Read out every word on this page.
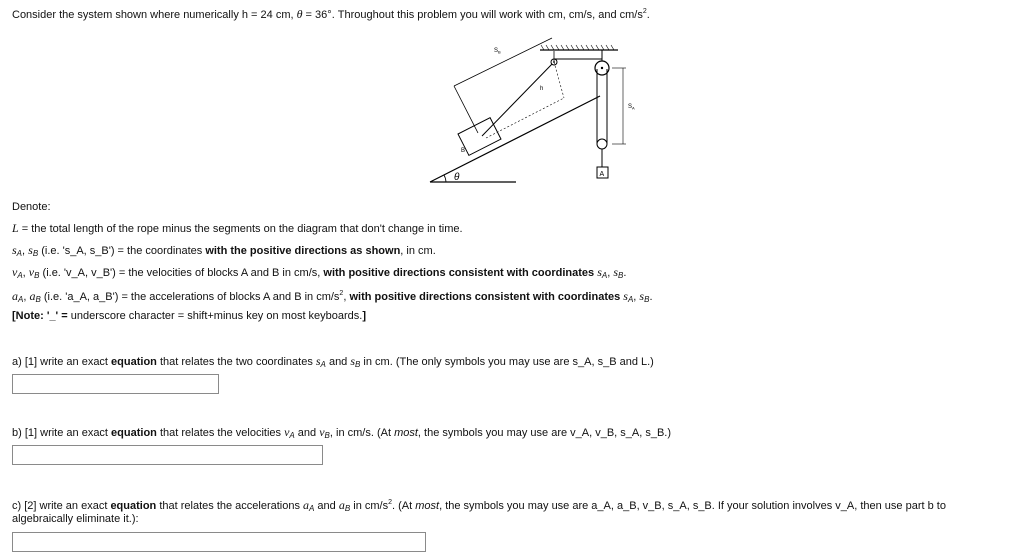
Consider the system shown where numerically h = 24 cm, θ = 36°. Throughout this problem you will work with cm, cm/s, and $cm/s^2$.
θ
B
$S_B$
h
A
$S_A$
Denote:
L = the total length of the rope minus the segments on the diagram that don't change in time.
$s_A$, $s_B$ (i.e. 's_A, s_B') = the coordinates with the positive directions as shown, in cm.
$v_A$, $v_B$ (i.e. 'v_A, v_B') = the velocities of blocks A and B in cm/s, with positive directions consistent with coordinates $s_A$, $s_B$.
$a_A$, $a_B$ (i.e. 'a_A, a_B') = the accelerations of blocks A and B in $cm/s^2$, with positive directions consistent with coordinates $s_A$, $s_B$.
[Note: '_' = underscore character = shift+minus key on most keyboards.]
a) [1] write an exact equation that relates the two coordinates $s_A$ and $s_B$ in cm. (The only symbols you may use are s_A, s_B and L.)
b) [1] write an exact equation that relates the velocities $v_A$ and $v_B$, in cm/s. (At most, the symbols you may use are v_A, v_B, s_A, s_B.)
c) [2] write an exact equation that relates the accelerations $a_A$ and $a_B$ in $cm/s^2$. (At most, the symbols you may use are a_A, a_B, v_B, s_A, s_B. If your solution involves v_A, then use part b to
algebraically eliminate it.):
